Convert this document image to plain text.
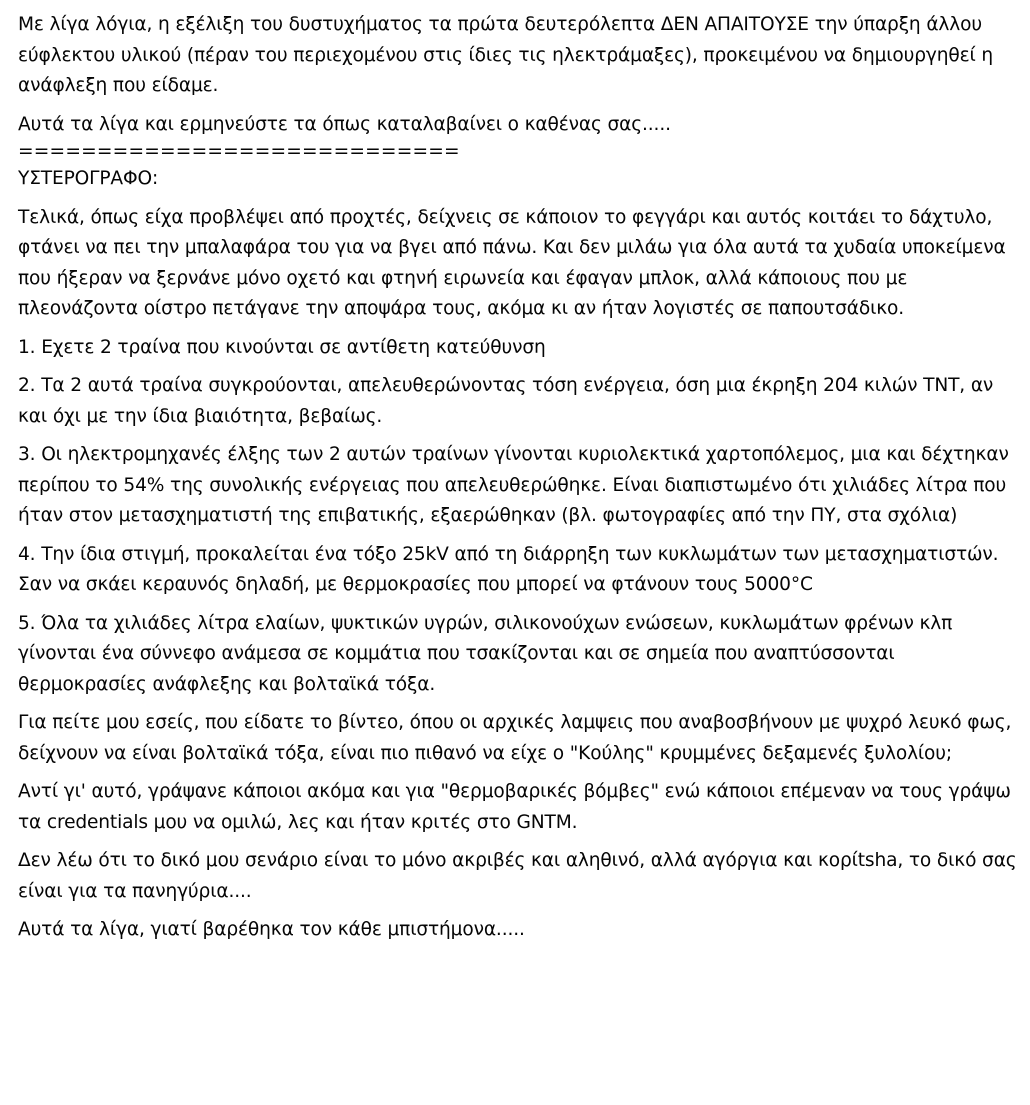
Με λίγα λόγια, η εξέλιξη του δυστυχήματος τα πρώτα δευτερόλεπτα ΔΕΝ ΑΠΑΙΤΟΥΣΕ την ύπαρξη άλλου εύφλεκτου υλικού (πέραν του περιεχομένου στις ίδιες τις ηλεκτράμαξες), προκειμένου να δημιουργηθεί η ανάφλεξη που είδαμε.

Αυτά τα λίγα και ερμηνεύστε τα όπως καταλαβαίνει ο καθένας σας.....

============================

ΥΣΤΕΡΟΓΡΑΦΟ:

Τελικά, όπως είχα προβλέψει από προχτές, δείχνεις σε κάποιον το φεγγάρι και αυτός κοιτάει το δάχτυλο, φτάνει να πει την μπαλαφάρα του για να βγει από πάνω. Και δεν μιλάω για όλα αυτά τα χυδαία υποκείμενα που ήξεραν να ξερνάνε μόνο οχετό και φτηνή ειρωνεία και έφαγαν μπλοκ, αλλά κάποιους που με πλεονάζοντα οίστρο πετάγανε την αποψάρα τους, ακόμα κι αν ήταν λογιστές σε παπουτσάδικο.

1. Εχετε 2 τραίνα που κινούνται σε αντίθετη κατεύθυνση

2. Τα 2 αυτά τραίνα συγκρούονται, απελευθερώνοντας τόση ενέργεια, όση μια έκρηξη 204 κιλών TNT, αν και όχι με την ίδια βιαιότητα, βεβαίως.

3. Οι ηλεκτρομηχανές έλξης των 2 αυτών τραίνων γίνονται κυριολεκτικά χαρτοπόλεμος, μια και δέχτηκαν περίπου το 54% της συνολικής ενέργειας που απελευθερώθηκε. Είναι διαπιστωμένο ότι χιλιάδες λίτρα που ήταν στον μετασχηματιστή της επιβατικής, εξαερώθηκαν (βλ. φωτογραφίες από την ΠΥ, στα σχόλια)

4. Την ίδια στιγμή, προκαλείται ένα τόξο 25kV από τη διάρρηξη των κυκλωμάτων των μετασχηματιστών. Σαν να σκάει κεραυνός δηλαδή, με θερμοκρασίες που μπορεί να φτάνουν τους 5000°C

5. Όλα τα χιλιάδες λίτρα ελαίων, ψυκτικών υγρών, σιλικονούχων ενώσεων, κυκλωμάτων φρένων κλπ γίνονται ένα σύννεφο ανάμεσα σε κομμάτια που τσακίζονται και σε σημεία που αναπτύσσονται θερμοκρασίες ανάφλεξης και βολταϊκά τόξα.

Για πείτε μου εσείς, που είδατε το βίντεο, όπου οι αρχικές λαμψεις που αναβοσβήνουν με ψυχρό λευκό φως, δείχνουν να είναι βολταϊκά τόξα, είναι πιο πιθανό να είχε ο "Κούλης" κρυμμένες δεξαμενές ξυλολίου;

Αντί γι' αυτό, γράψανε κάποιοι ακόμα και για "θερμοβαρικές βόμβες" ενώ κάποιοι επέμεναν να τους γράψω τα credentials μου να ομιλώ, λες και ήταν κριτές στο GNTM.

Δεν λέω ότι το δικό μου σενάριο είναι το μόνο ακριβές και αληθινό, αλλά αγόργια και κορίtsha, το δικό σας είναι για τα πανηγύρια....

Αυτά τα λίγα, γιατί βαρέθηκα τον κάθε μπιστήμονα.....
